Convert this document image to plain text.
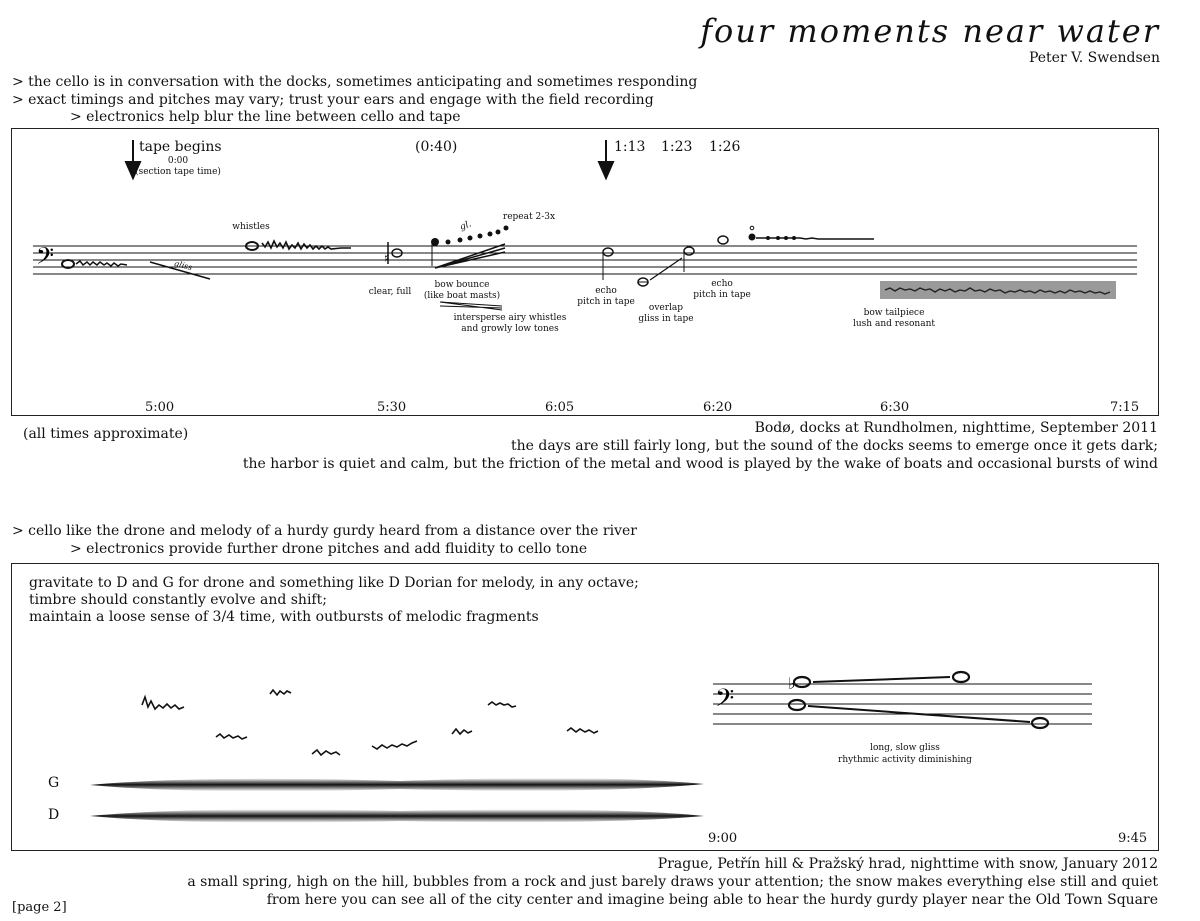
four moments near water
Peter V. Swendsen
> the cello is in conversation with the docks, sometimes anticipating and sometimes responding
> exact timings and pitches may vary; trust your ears and engage with the field recording
> electronics help blur the line between cello and tape
𝄢	♯
𝄢
♭
tape begins
0:00
(section tape time)
(0:40)	1:13 1:23 1:26
gliss
whistles
clear, full
gl.
repeat 2-3x
bow bounce
(like boat masts)
intersperse airy whistles
and growly low tones
echo
pitch in tape
overlap
gliss in tape
echo
pitch in tape
bow tailpiece
lush and resonant
5:00	5:30	6:05	6:20	6:30	7:15
(all times approximate)	Bodø, docks at Rundholmen, nighttime, September 2011
the days are still fairly long, but the sound of the docks seems to emerge once it gets dark;
the harbor is quiet and calm, but the friction of the metal and wood is played by the wake of boats and occasional bursts of wind
> cello like the drone and melody of a hurdy gurdy heard from a distance over the river
> electronics provide further drone pitches and add fluidity to cello tone
gravitate to D and G for drone and something like D Dorian for melody, in any octave;
timbre should constantly evolve and shift;
maintain a loose sense of 3/4 time, with outbursts of melodic fragments
G
D
long, slow gliss
rhythmic activity diminishing
9:00	9:45
Prague, Petřín hill & Pražský hrad, nighttime with snow, January 2012
a small spring, high on the hill, bubbles from a rock and just barely draws your attention; the snow makes everything else still and quiet
from here you can see all of the city center and imagine being able to hear the hurdy gurdy player near the Old Town Square
[page 2]
